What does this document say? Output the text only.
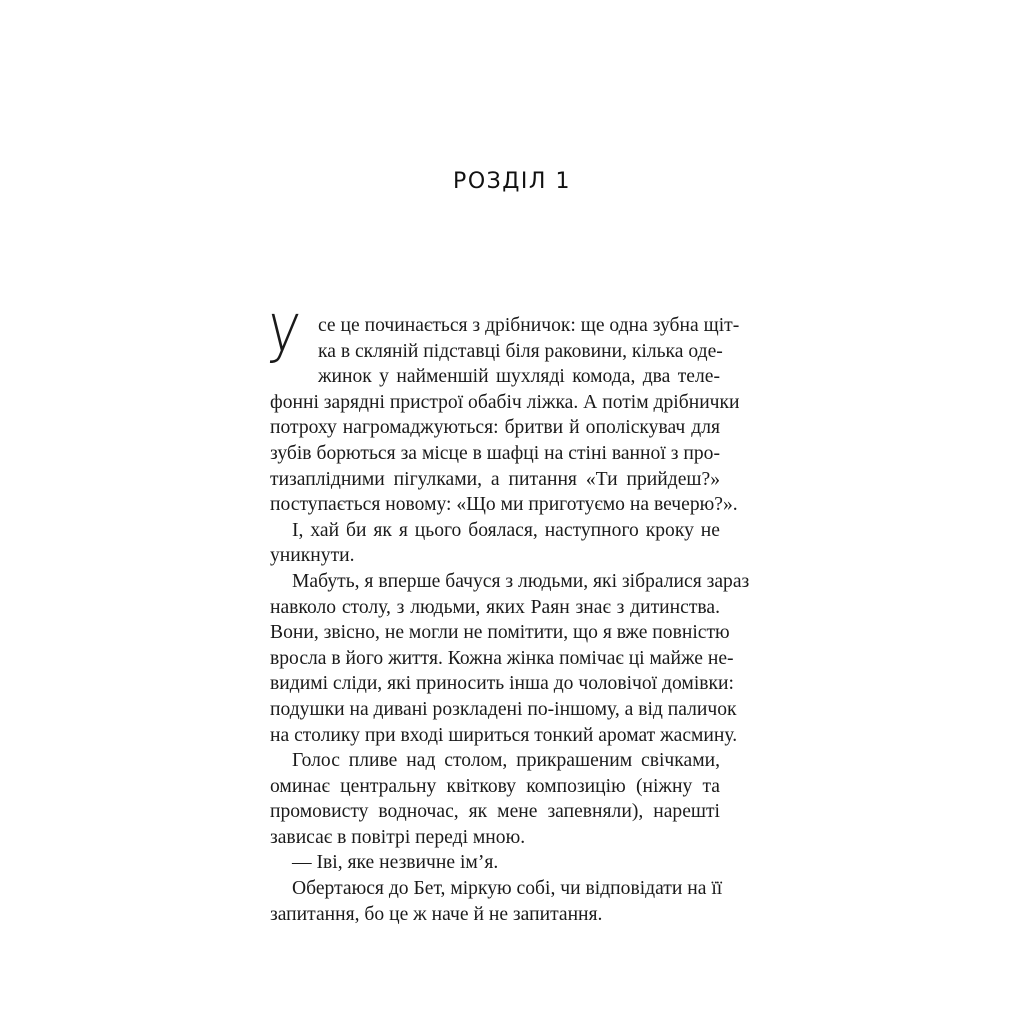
РОЗДІЛ 1
У се це починається з дрібничок: ще одна зубна щіт-
ка в скляній підставці біля раковини, кілька оде-
жинок у найменшій шухляді комода, два теле-
фонні зарядні пристрої обабіч ліжка. А потім дрібнички
потроху нагромаджуються: бритви й ополіскувач для
зубів борються за місце в шафці на стіні ванної з про-
тизаплідними пігулками, а питання «Ти прийдеш?»
поступається новому: «Що ми приготуємо на вечерю?».
І, хай би як я цього боялася, наступного кроку не
уникнути.
Мабуть, я вперше бачуся з людьми, які зібралися зараз
навколо столу, з людьми, яких Раян знає з дитинства.
Вони, звісно, не могли не помітити, що я вже повністю
вросла в його життя. Кожна жінка помічає ці майже не-
видимі сліди, які приносить інша до чоловічої домівки:
подушки на дивані розкладені по-іншому, а від паличок
на столику при вході шириться тонкий аромат жасмину.
Голос пливе над столом, прикрашеним свічками,
оминає центральну квіткову композицію (ніжну та
промовисту водночас, як мене запевняли), нарешті
зависає в повітрі переді мною.
— Іві, яке незвичне ім’я.
Обертаюся до Бет, міркую собі, чи відповідати на її
запитання, бо це ж наче й не запитання.
